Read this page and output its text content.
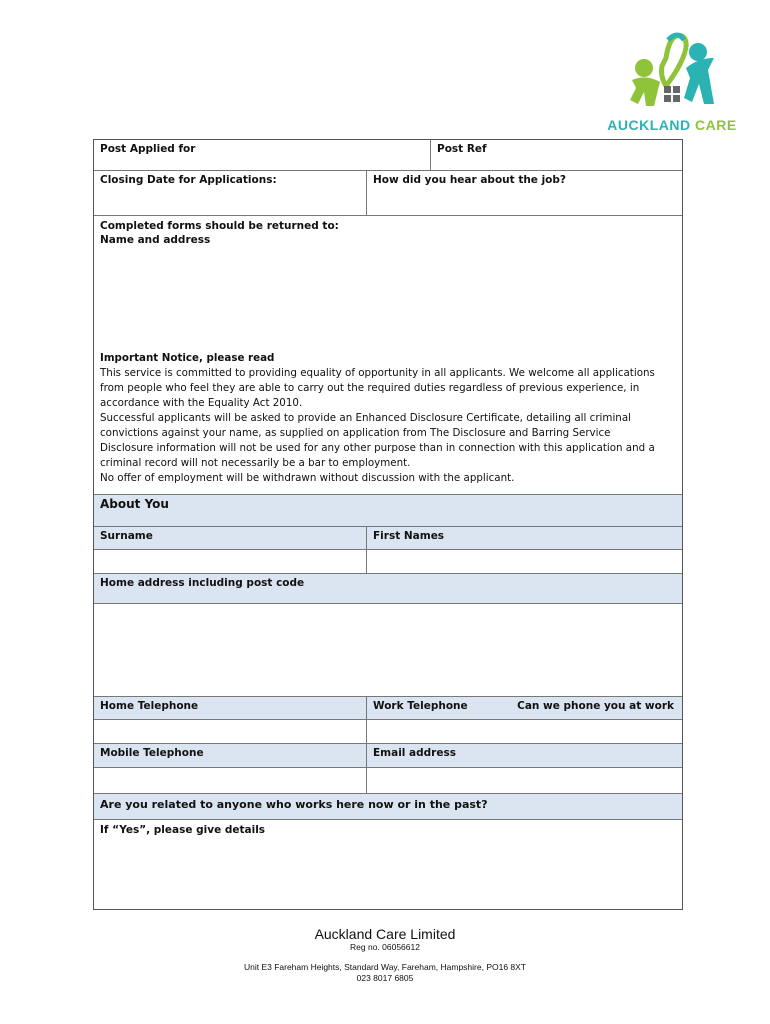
AUCKLAND CARE
Post Applied for	Post Ref
Closing Date for Applications:	How did you hear about the job?
Completed forms should be returned to:
Name and address
Important Notice, please read
This service is committed to providing equality of opportunity in all applicants. We welcome all applications
from people who feel they are able to carry out the required duties regardless of previous experience, in
accordance with the Equality Act 2010.
Successful applicants will be asked to provide an Enhanced Disclosure Certificate, detailing all criminal
convictions against your name, as supplied on application from The Disclosure and Barring Service
Disclosure information will not be used for any other purpose than in connection with this application and a
criminal record will not necessarily be a bar to employment.
No offer of employment will be withdrawn without discussion with the applicant.
About You
Surname	First Names
Home address including post code
Home Telephone	Work Telephone	Can we phone you at work
Mobile Telephone	Email address
Are you related to anyone who works here now or in the past?
If “Yes”, please give details
Auckland Care Limited
Reg no. 06056612
Unit E3 Fareham Heights, Standard Way, Fareham, Hampshire, PO16 8XT
023 8017 6805
